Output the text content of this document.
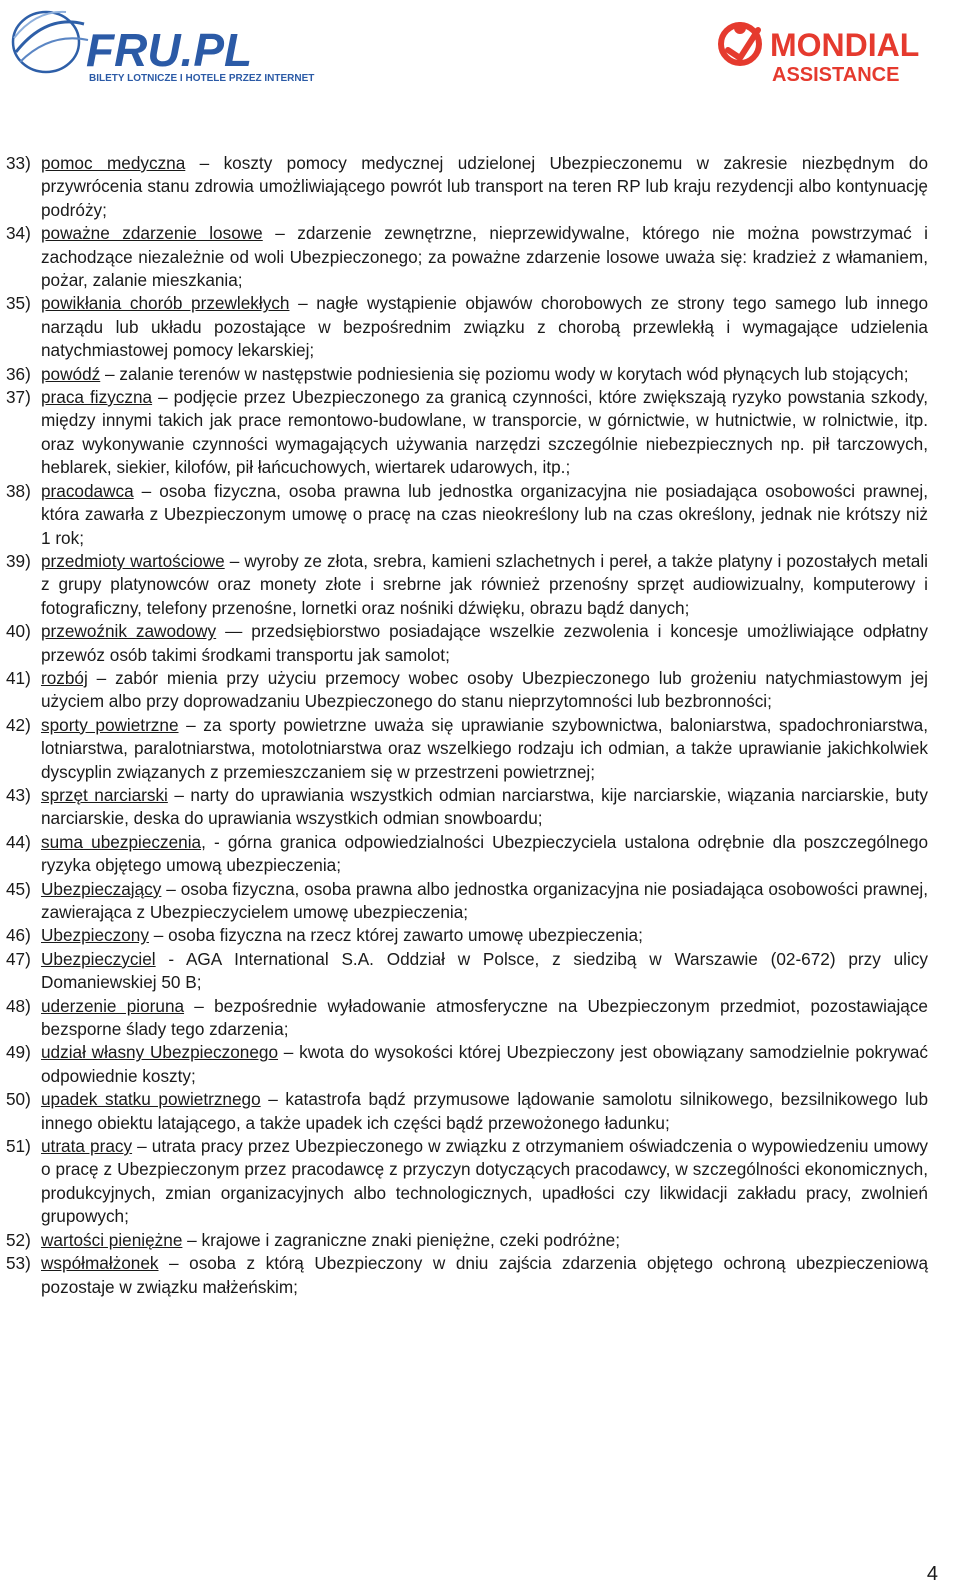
FRU.PL
BILETY LOTNICZE I HOTELE PRZEZ INTERNET
MONDIAL
ASSISTANCE
33) pomoc medyczna – koszty pomocy medycznej udzielonej Ubezpieczonemu w zakresie niezbędnym do przywrócenia stanu zdrowia umożliwiającego powrót lub transport na teren RP lub kraju rezydencji albo kontynuację podróży;
34) poważne zdarzenie losowe – zdarzenie zewnętrzne, nieprzewidywalne, którego nie można powstrzymać i zachodzące niezależnie od woli Ubezpieczonego; za poważne zdarzenie losowe uważa się: kradzież z włamaniem, pożar, zalanie mieszkania;
35) powikłania chorób przewlekłych – nagłe wystąpienie objawów chorobowych ze strony tego samego lub innego narządu lub układu pozostające w bezpośrednim związku z chorobą przewlekłą i wymagające udzielenia natychmiastowej pomocy lekarskiej;
36) powódź – zalanie terenów w następstwie podniesienia się poziomu wody w korytach wód płynących lub stojących;
37) praca fizyczna – podjęcie przez Ubezpieczonego za granicą czynności, które zwiększają ryzyko powstania szkody, między innymi takich jak prace remontowo-budowlane, w transporcie, w górnictwie, w hutnictwie, w rolnictwie, itp. oraz wykonywanie czynności wymagających używania narzędzi szczególnie niebezpiecznych np. pił tarczowych, heblarek, siekier, kilofów, pił łańcuchowych, wiertarek udarowych, itp.;
38) pracodawca – osoba fizyczna, osoba prawna lub jednostka organizacyjna nie posiadająca osobowości prawnej, która zawarła z Ubezpieczonym umowę o pracę na czas nieokreślony lub na czas określony, jednak nie krótszy niż 1 rok;
39) przedmioty wartościowe – wyroby ze złota, srebra, kamieni szlachetnych i pereł, a także platyny i pozostałych metali z grupy platynowców oraz monety złote i srebrne jak również przenośny sprzęt audiowizualny, komputerowy i fotograficzny, telefony przenośne, lornetki oraz nośniki dźwięku, obrazu bądź danych;
40) przewoźnik zawodowy — przedsiębiorstwo posiadające wszelkie zezwolenia i koncesje umożliwiające odpłatny przewóz osób takimi środkami transportu jak samolot;
41) rozbój – zabór mienia przy użyciu przemocy wobec osoby Ubezpieczonego lub grożeniu natychmiastowym jej użyciem albo przy doprowadzaniu Ubezpieczonego do stanu nieprzytomności lub bezbronności;
42) sporty powietrzne – za sporty powietrzne uważa się uprawianie szybownictwa, baloniarstwa, spadochroniarstwa, lotniarstwa, paralotniarstwa, motolotniarstwa oraz wszelkiego rodzaju ich odmian, a także uprawianie jakichkolwiek dyscyplin związanych z przemieszczaniem się w przestrzeni powietrznej;
43) sprzęt narciarski – narty do uprawiania wszystkich odmian narciarstwa, kije narciarskie, wiązania narciarskie, buty narciarskie, deska do uprawiania wszystkich odmian snowboardu;
44) suma ubezpieczenia, - górna granica odpowiedzialności Ubezpieczyciela ustalona odrębnie dla poszczególnego ryzyka objętego umową ubezpieczenia;
45) Ubezpieczający – osoba fizyczna, osoba prawna albo jednostka organizacyjna nie posiadająca osobowości prawnej, zawierająca z Ubezpieczycielem umowę ubezpieczenia;
46) Ubezpieczony – osoba fizyczna na rzecz której zawarto umowę ubezpieczenia;
47) Ubezpieczyciel - AGA International S.A. Oddział w Polsce, z siedzibą w Warszawie (02-672) przy ulicy Domaniewskiej 50 B;
48) uderzenie pioruna – bezpośrednie wyładowanie atmosferyczne na Ubezpieczonym przedmiot, pozostawiające bezsporne ślady tego zdarzenia;
49) udział własny Ubezpieczonego – kwota do wysokości której Ubezpieczony jest obowiązany samodzielnie pokrywać odpowiednie koszty;
50) upadek statku powietrznego – katastrofa bądź przymusowe lądowanie samolotu silnikowego, bezsilnikowego lub innego obiektu latającego, a także upadek ich części bądź przewożonego ładunku;
51) utrata pracy – utrata pracy przez Ubezpieczonego w związku z otrzymaniem oświadczenia o wypowiedzeniu umowy o pracę z Ubezpieczonym przez pracodawcę z przyczyn dotyczących pracodawcy, w szczególności ekonomicznych, produkcyjnych, zmian organizacyjnych albo technologicznych, upadłości czy likwidacji zakładu pracy, zwolnień grupowych;
52) wartości pieniężne – krajowe i zagraniczne znaki pieniężne, czeki podróżne;
53) współmałżonek – osoba z którą Ubezpieczony w dniu zajścia zdarzenia objętego ochroną ubezpieczeniową pozostaje w związku małżeńskim;
4
